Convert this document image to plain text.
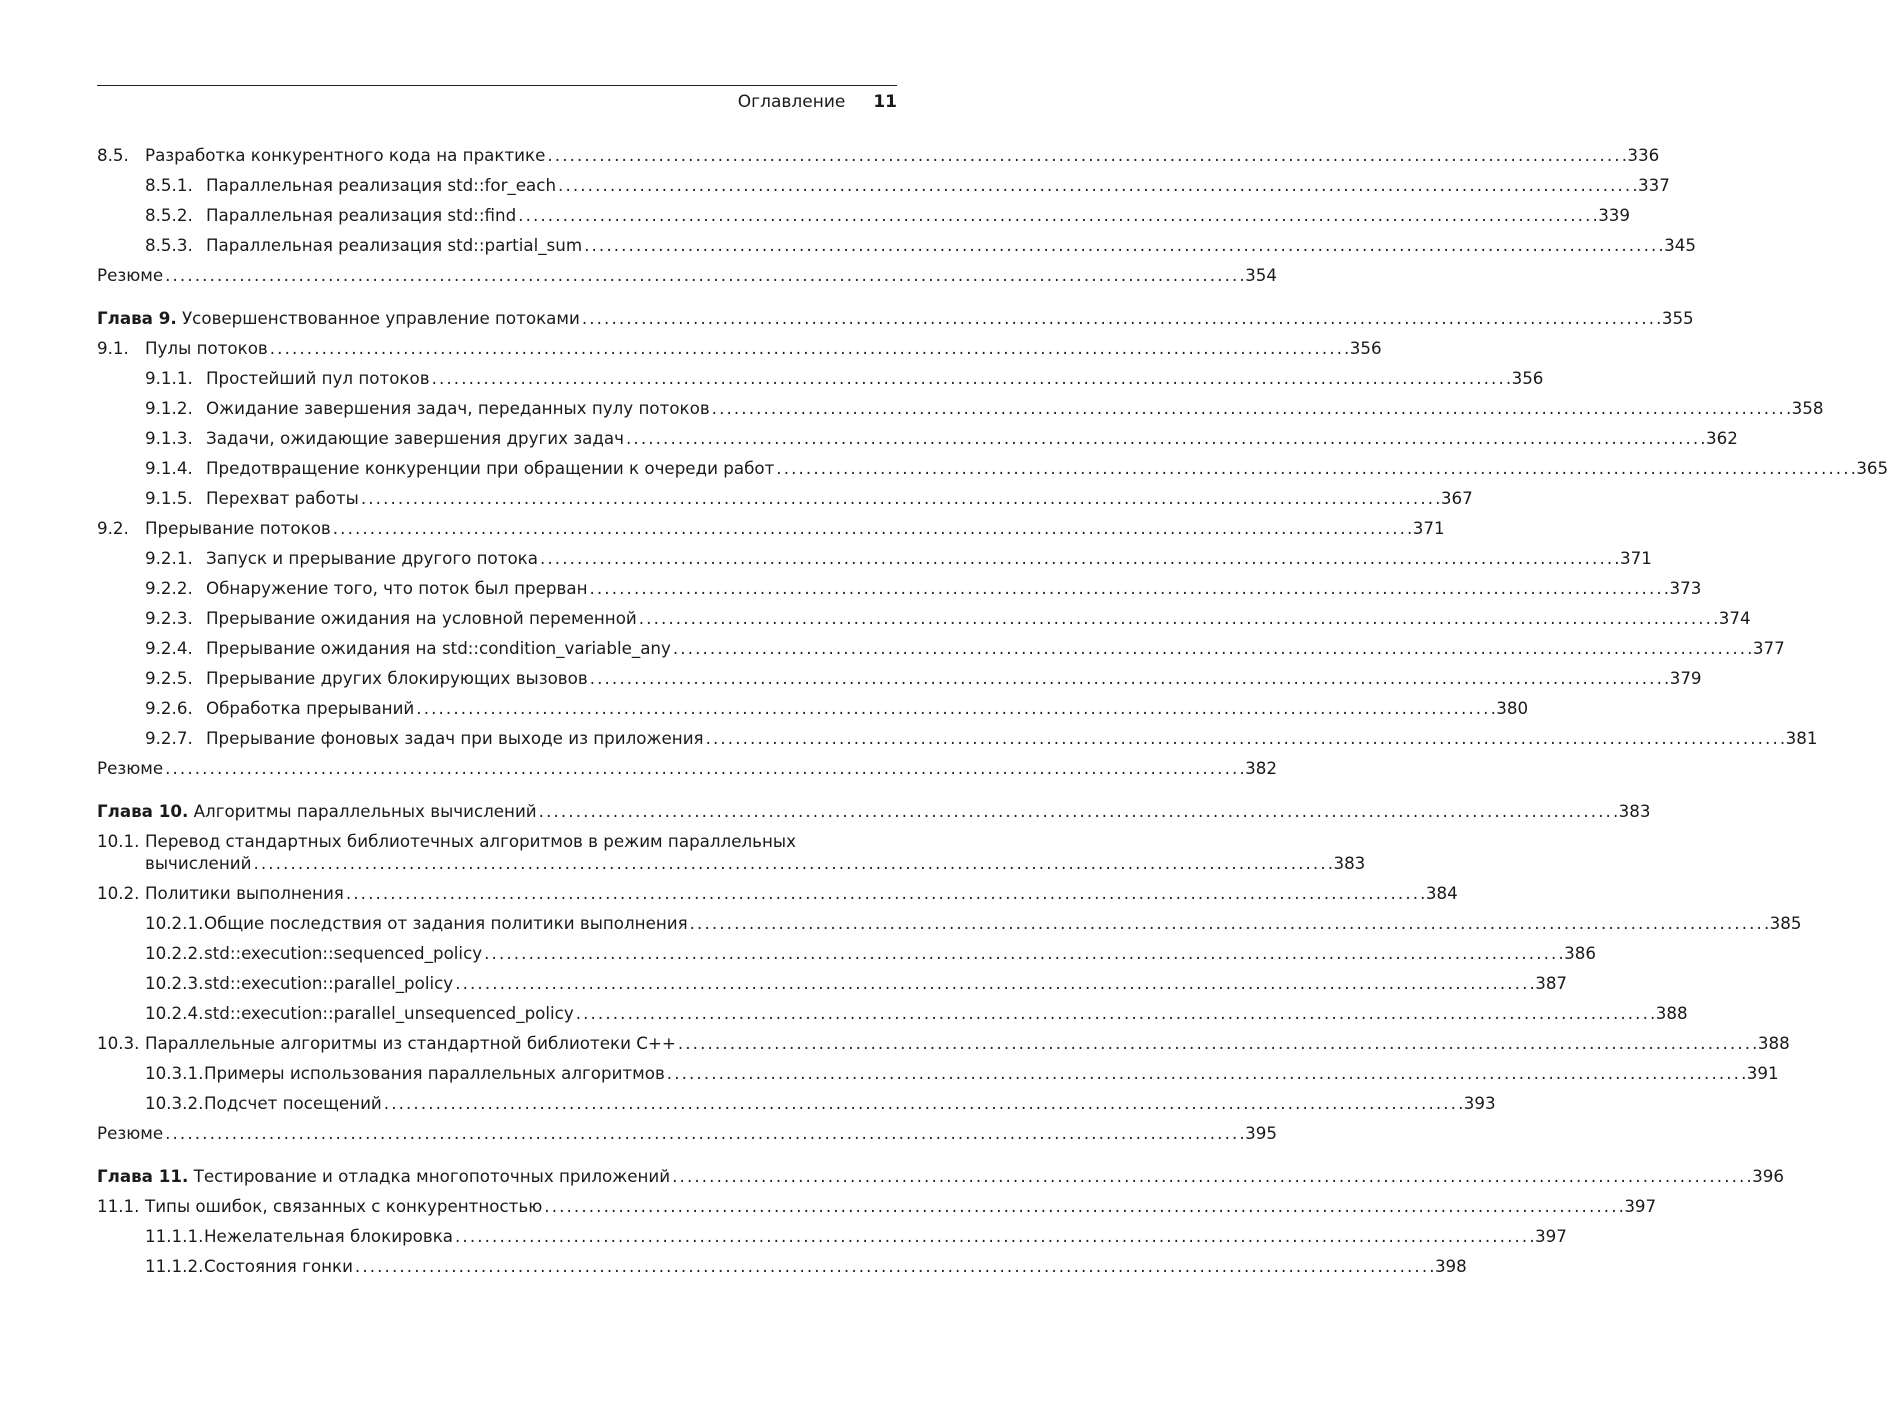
Оглавление 11
8.5. Разработка конкурентного кода на практике . . .	336
8.5.1. Параллельная реализация std::for_each . . .	337
8.5.2. Параллельная реализация std::find . . .	339
8.5.3. Параллельная реализация std::partial_sum . . .	345
Резюме . . .	354
Глава 9. Усовершенствованное управление потоками . . .	355
9.1. Пулы потоков . . .	356
9.1.1. Простейший пул потоков . . .	356
9.1.2. Ожидание завершения задач, переданных пулу потоков . . .	358
9.1.3. Задачи, ожидающие завершения других задач . . .	362
9.1.4. Предотвращение конкуренции при обращении к очереди работ . . .	365
9.1.5. Перехват работы . . .	367
9.2. Прерывание потоков . . .	371
9.2.1. Запуск и прерывание другого потока . . .	371
9.2.2. Обнаружение того, что поток был прерван . . .	373
9.2.3. Прерывание ожидания на условной переменной . . .	374
9.2.4. Прерывание ожидания на std::condition_variable_any . . .	377
9.2.5. Прерывание других блокирующих вызовов . . .	379
9.2.6. Обработка прерываний . . .	380
9.2.7. Прерывание фоновых задач при выходе из приложения . . .	381
Резюме . . .	382
Глава 10. Алгоритмы параллельных вычислений . . .	383
10.1. Перевод стандартных библиотечных алгоритмов в режим параллельных
вычислений . . .	383
10.2. Политики выполнения . . .	384
10.2.1. Общие последствия от задания политики выполнения . . .	385
10.2.2. std::execution::sequenced_policy . . .	386
10.2.3. std::execution::parallel_policy . . .	387
10.2.4. std::execution::parallel_unsequenced_policy . . .	388
10.3. Параллельные алгоритмы из стандартной библиотеки C++ . . .	388
10.3.1. Примеры использования параллельных алгоритмов . . .	391
10.3.2. Подсчет посещений . . .	393
Резюме . . .	395
Глава 11. Тестирование и отладка многопоточных приложений . . .	396
11.1. Типы ошибок, связанных с конкурентностью . . .	397
11.1.1. Нежелательная блокировка . . .	397
11.1.2. Состояния гонки . . .	398
